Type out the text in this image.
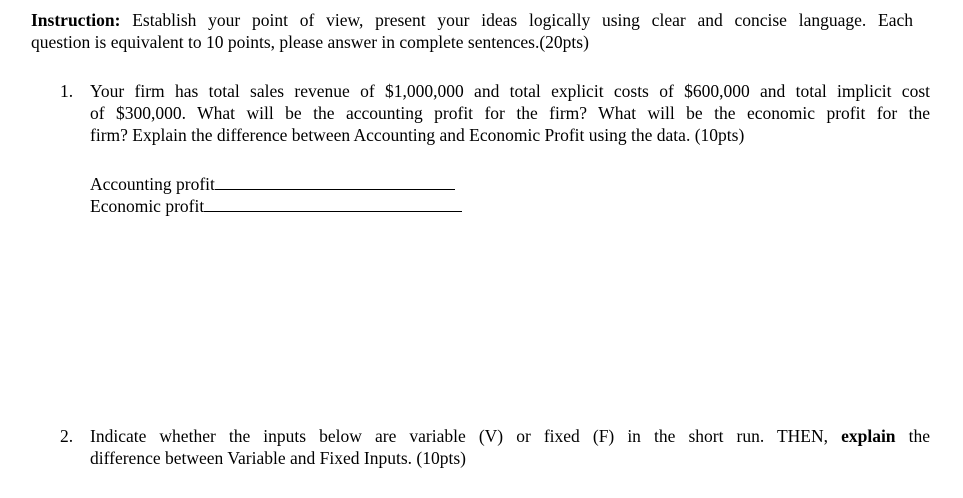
Instruction: Establish your point of view, present your ideas logically using clear and concise language. Each
question is equivalent to 10 points, please answer in complete sentences.(20pts)
1. Your firm has total sales revenue of $1,000,000 and total explicit costs of $600,000 and total implicit cost
of $300,000. What will be the accounting profit for the firm? What will be the economic profit for the
firm? Explain the difference between Accounting and Economic Profit using the data. (10pts)
Accounting profit
Economic profit
2. Indicate whether the inputs below are variable (V) or fixed (F) in the short run. THEN, explain the
difference between Variable and Fixed Inputs. (10pts)
